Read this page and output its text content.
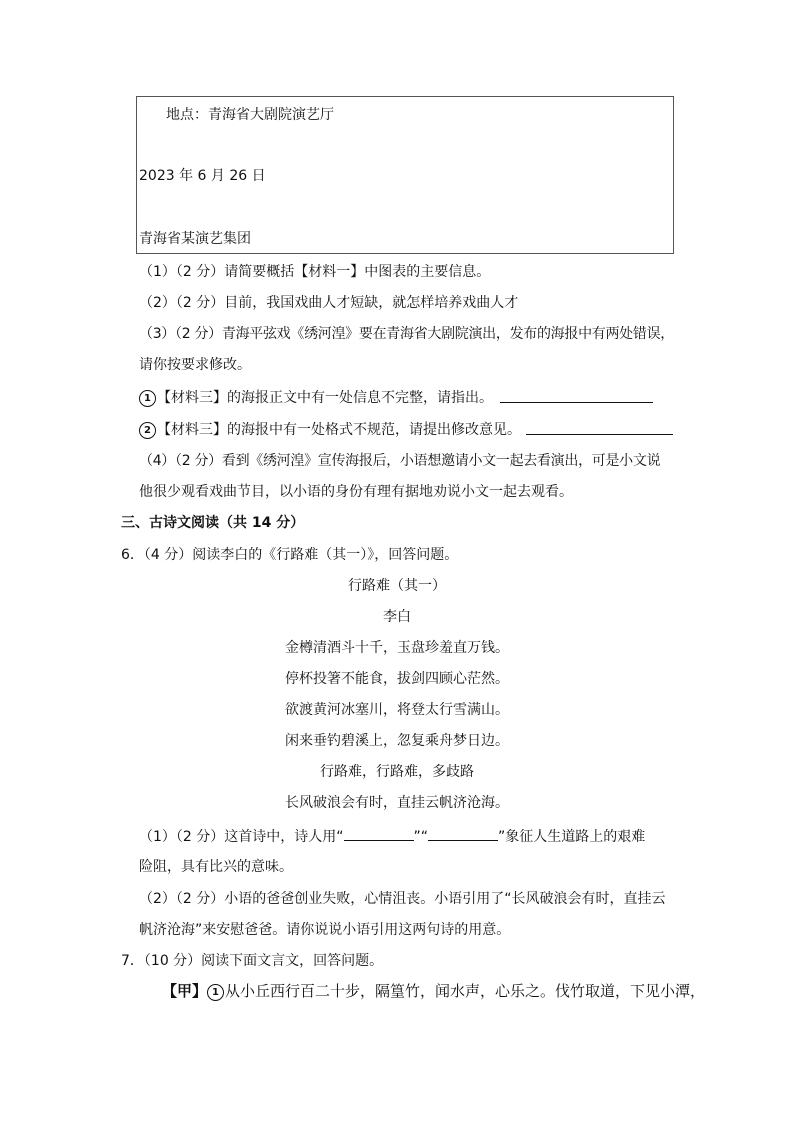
地点：青海省大剧院演艺厅
2023 年 6 月 26 日
青海省某演艺集团
（1）（2 分）请简要概括【材料一】中图表的主要信息。
（2）（2 分）目前，我国戏曲人才短缺，就怎样培养戏曲人才
（3）（2 分）青海平弦戏《绣河湟》要在青海省大剧院演出，发布的海报中有两处错误，
请你按要求修改。
1 【材料三】的海报正文中有一处信息不完整，请指出。
2 【材料三】的海报中有一处格式不规范，请提出修改意见。
（4）（2 分）看到《绣河湟》宣传海报后，小语想邀请小文一起去看演出，可是小文说
他很少观看戏曲节目，以小语的身份有理有据地劝说小文一起去观看。
三、古诗文阅读（共 14 分）
6．（4 分）阅读李白的《行路难（其一）》，回答问题。
行路难（其一）
李白
金樽清酒斗十千，玉盘珍羞直万钱。
停杯投箸不能食，拔剑四顾心茫然。
欲渡黄河冰塞川，将登太行雪满山。
闲来垂钓碧溪上，忽复乘舟梦日边。
行路难，行路难，多歧路
长风破浪会有时，直挂云帆济沧海。
（1）（2 分）这首诗中，诗人用“	”“	”象征人生道路上的艰难
险阻，具有比兴的意味。
（2）（2 分）小语的爸爸创业失败，心情沮丧。小语引用了“长风破浪会有时，直挂云
帆济沧海”来安慰爸爸。请你说说小语引用这两句诗的用意。
7．（10 分）阅读下面文言文，回答问题。
【甲】 1 从小丘西行百二十步，隔篁竹，闻水声，心乐之。伐竹取道，下见小潭，
